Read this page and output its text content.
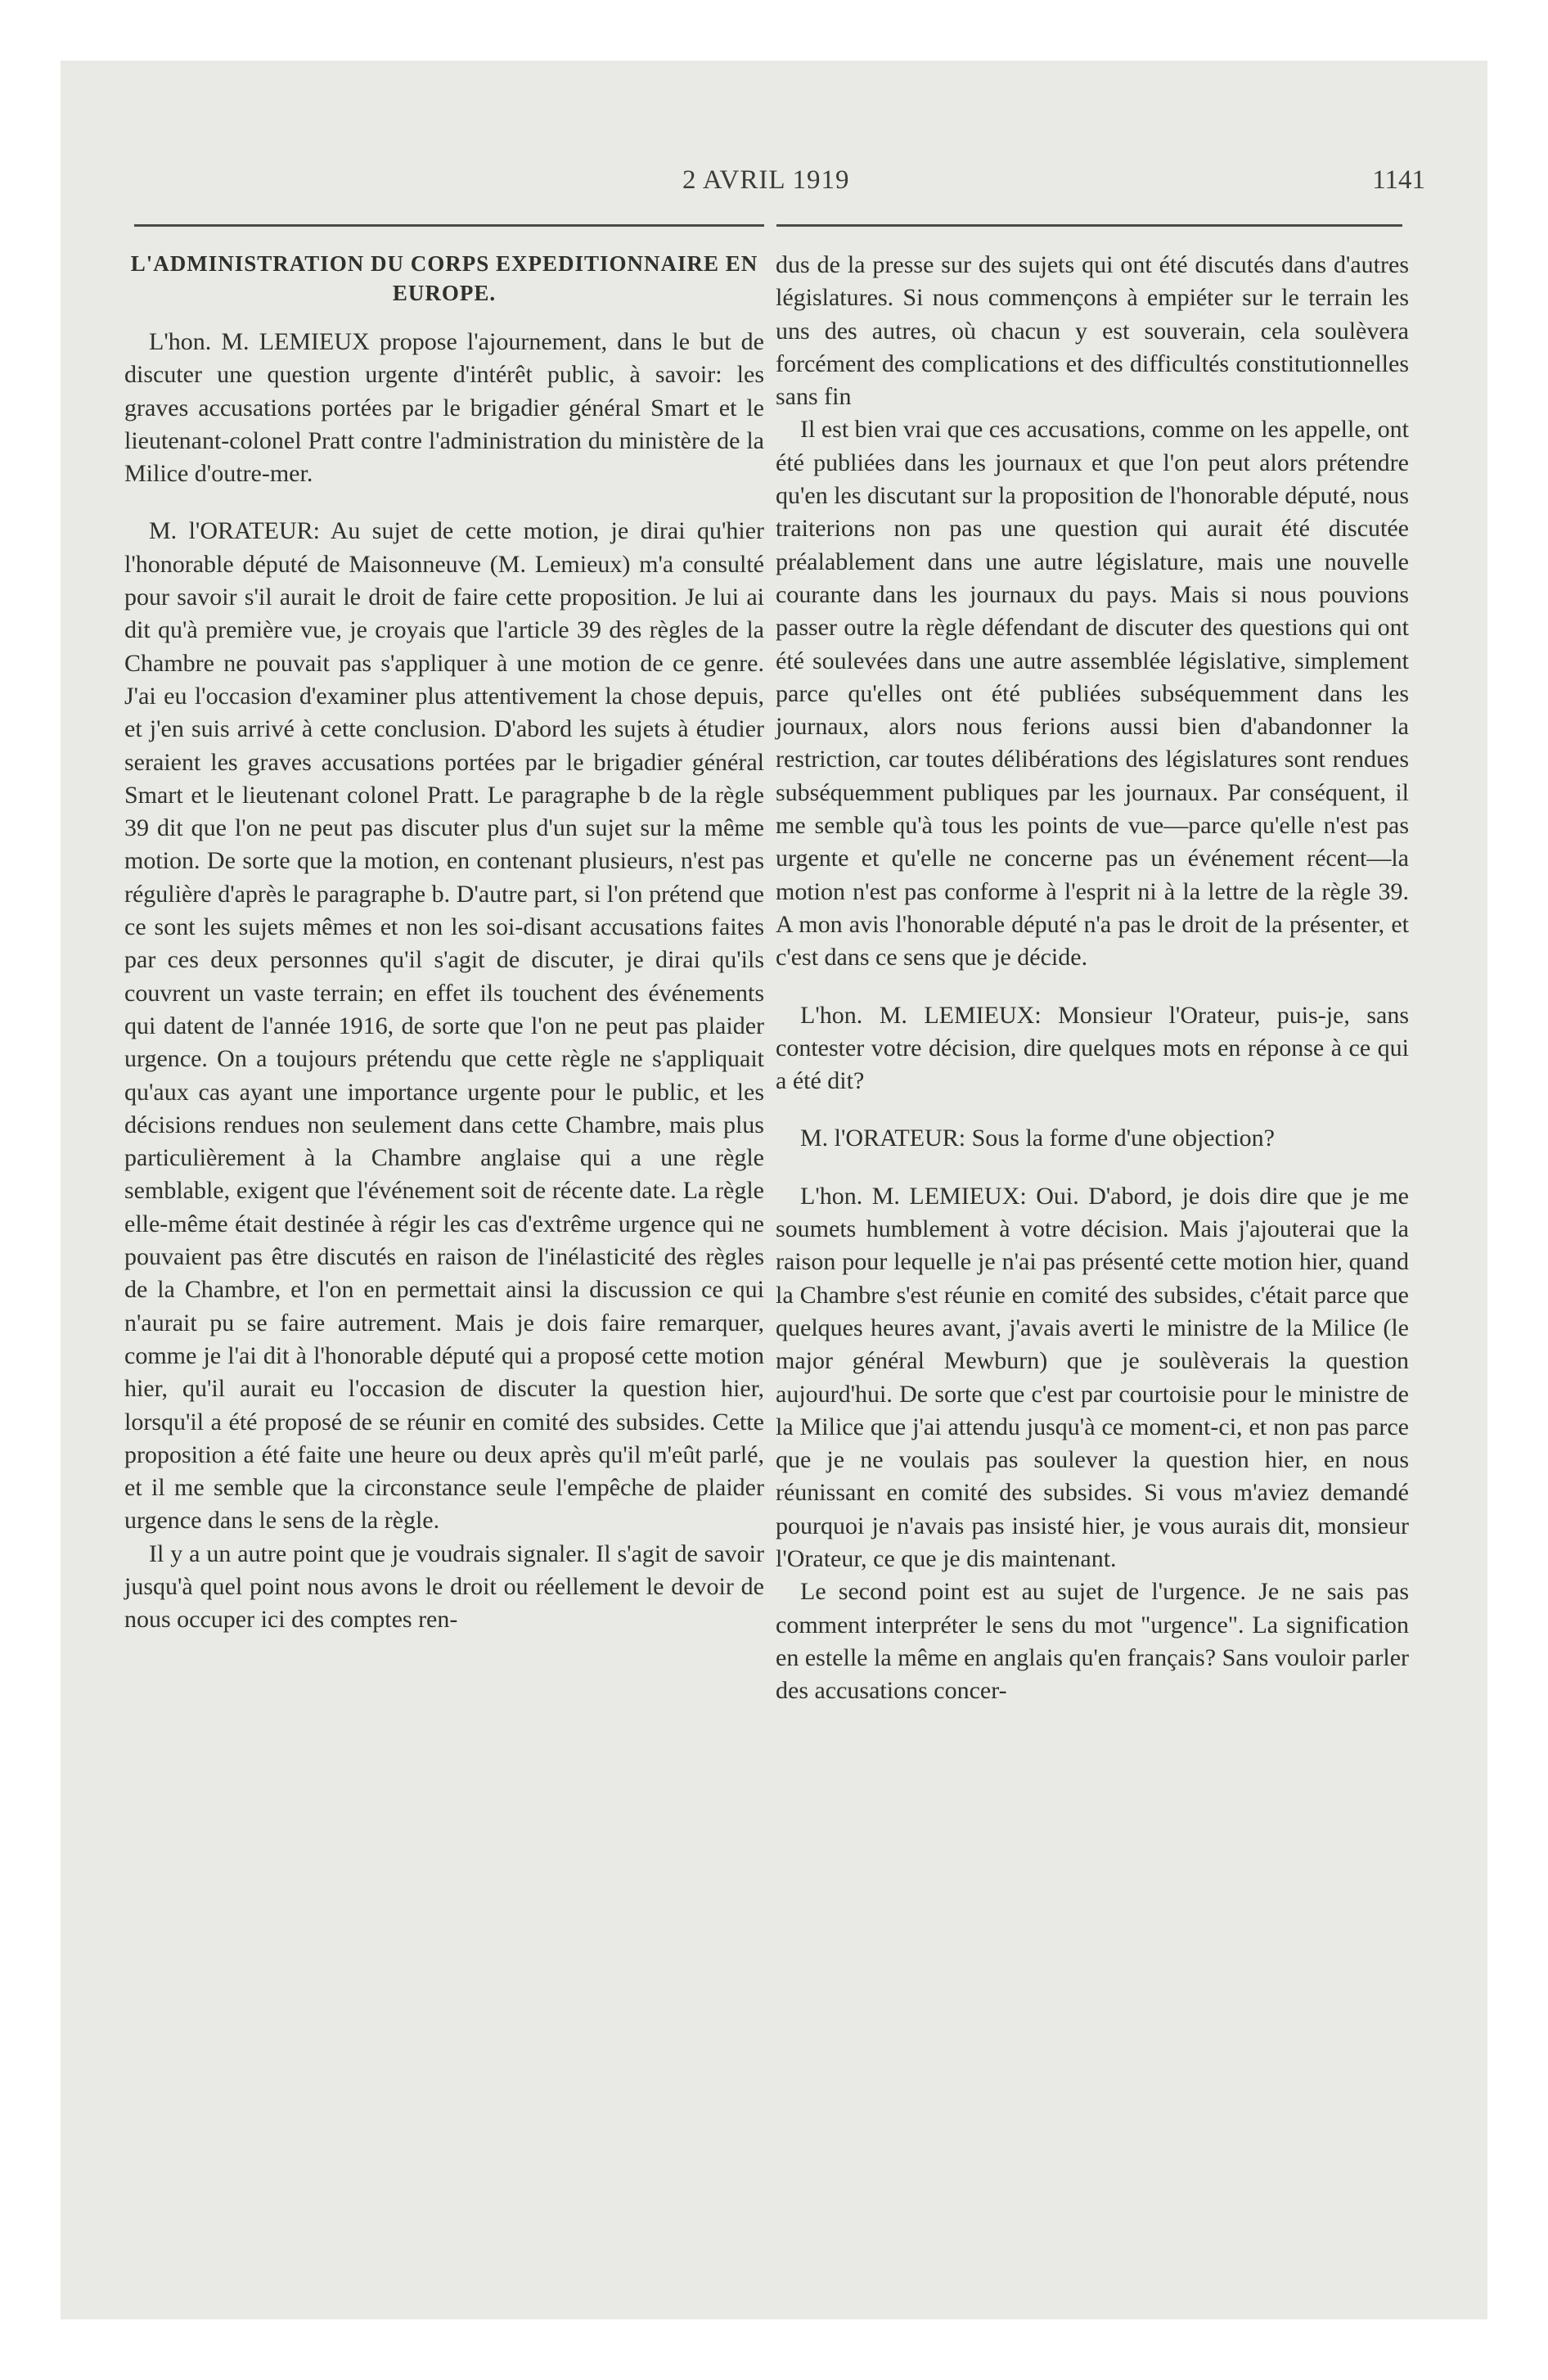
2 AVRIL 1919	1141
L'ADMINISTRATION DU CORPS EXPEDITIONNAIRE EN EUROPE.

L'hon. M. LEMIEUX propose l'ajournement, dans le but de discuter une question urgente d'intérêt public, à savoir: les graves accusations portées par le brigadier général Smart et le lieutenant-colonel Pratt contre l'administration du ministère de la Milice d'outre-mer.

M. l'ORATEUR: Au sujet de cette motion, je dirai qu'hier l'honorable député de Maisonneuve (M. Lemieux) m'a consulté pour savoir s'il aurait le droit de faire cette proposition. Je lui ai dit qu'à première vue, je croyais que l'article 39 des règles de la Chambre ne pouvait pas s'appliquer à une motion de ce genre. J'ai eu l'occasion d'examiner plus attentivement la chose depuis, et j'en suis arrivé à cette conclusion. D'abord les sujets à étudier seraient les graves accusations portées par le brigadier général Smart et le lieutenant colonel Pratt. Le paragraphe b de la règle 39 dit que l'on ne peut pas discuter plus d'un sujet sur la même motion. De sorte que la motion, en contenant plusieurs, n'est pas régulière d'après le paragraphe b. D'autre part, si l'on prétend que ce sont les sujets mêmes et non les soi-disant accusations faites par ces deux personnes qu'il s'agit de discuter, je dirai qu'ils couvrent un vaste terrain; en effet ils touchent des événements qui datent de l'année 1916, de sorte que l'on ne peut pas plaider urgence. On a toujours prétendu que cette règle ne s'appliquait qu'aux cas ayant une importance urgente pour le public, et les décisions rendues non seulement dans cette Chambre, mais plus particulièrement à la Chambre anglaise qui a une règle semblable, exigent que l'événement soit de récente date. La règle elle-même était destinée à régir les cas d'extrême urgence qui ne pouvaient pas être discutés en raison de l'inélasticité des règles de la Chambre, et l'on en permettait ainsi la discussion ce qui n'aurait pu se faire autrement. Mais je dois faire remarquer, comme je l'ai dit à l'honorable député qui a proposé cette motion hier, qu'il aurait eu l'occasion de discuter la question hier, lorsqu'il a été proposé de se réunir en comité des subsides. Cette proposition a été faite une heure ou deux après qu'il m'eût parlé, et il me semble que la circonstance seule l'empêche de plaider urgence dans le sens de la règle.

Il y a un autre point que je voudrais signaler. Il s'agit de savoir jusqu'à quel point nous avons le droit ou réellement le devoir de nous occuper ici des comptes ren-

dus de la presse sur des sujets qui ont été discutés dans d'autres législatures. Si nous commençons à empiéter sur le terrain les uns des autres, où chacun y est souverain, cela soulèvera forcément des complications et des difficultés constitutionnelles sans fin

Il est bien vrai que ces accusations, comme on les appelle, ont été publiées dans les journaux et que l'on peut alors prétendre qu'en les discutant sur la proposition de l'honorable député, nous traiterions non pas une question qui aurait été discutée préalablement dans une autre législature, mais une nouvelle courante dans les journaux du pays. Mais si nous pouvions passer outre la règle défendant de discuter des questions qui ont été soulevées dans une autre assemblée législative, simplement parce qu'elles ont été publiées subséquemment dans les journaux, alors nous ferions aussi bien d'abandonner la restriction, car toutes délibérations des législatures sont rendues subséquemment publiques par les journaux. Par conséquent, il me semble qu'à tous les points de vue—parce qu'elle n'est pas urgente et qu'elle ne concerne pas un événement récent—la motion n'est pas conforme à l'esprit ni à la lettre de la règle 39. A mon avis l'honorable député n'a pas le droit de la présenter, et c'est dans ce sens que je décide.

L'hon. M. LEMIEUX: Monsieur l'Orateur, puis-je, sans contester votre décision, dire quelques mots en réponse à ce qui a été dit?

M. l'ORATEUR: Sous la forme d'une objection?

L'hon. M. LEMIEUX: Oui. D'abord, je dois dire que je me soumets humblement à votre décision. Mais j'ajouterai que la raison pour lequelle je n'ai pas présenté cette motion hier, quand la Chambre s'est réunie en comité des subsides, c'était parce que quelques heures avant, j'avais averti le ministre de la Milice (le major général Mewburn) que je soulèverais la question aujourd'hui. De sorte que c'est par courtoisie pour le ministre de la Milice que j'ai attendu jusqu'à ce moment-ci, et non pas parce que je ne voulais pas soulever la question hier, en nous réunissant en comité des subsides. Si vous m'aviez demandé pourquoi je n'avais pas insisté hier, je vous aurais dit, monsieur l'Orateur, ce que je dis maintenant.

Le second point est au sujet de l'urgence. Je ne sais pas comment interpréter le sens du mot "urgence". La signification en estelle la même en anglais qu'en français? Sans vouloir parler des accusations concer-
